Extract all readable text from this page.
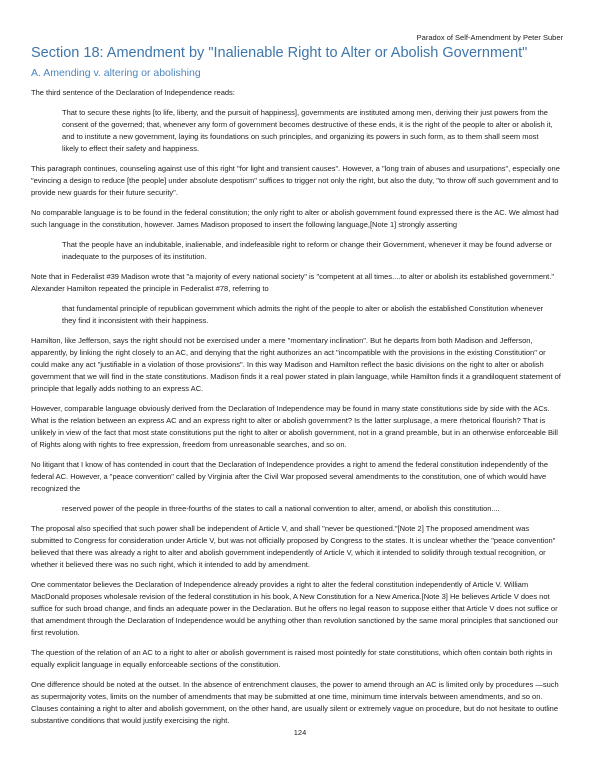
Paradox of Self-Amendment by Peter Suber
Section 18: Amendment by "Inalienable Right to Alter or Abolish Government"
A. Amending v. altering or abolishing

The third sentence of the Declaration of Independence reads:

That to secure these rights [to life, liberty, and the pursuit of happiness], governments are instituted among men, deriving their just powers from the consent of the governed; that, whenever any form of government becomes destructive of these ends, it is the right of the people to alter or abolish it, and to institute a new government, laying its foundations on such principles, and organizing its powers in such form, as to them shall seem most likely to effect their safety and happiness.

This paragraph continues, counseling against use of this right "for light and transient causes". However, a "long train of abuses and usurpations", especially one "evincing a design to reduce [the people] under absolute despotism" suffices to trigger not only the right, but also the duty, "to throw off such government and to provide new guards for their future security".

No comparable language is to be found in the federal constitution; the only right to alter or abolish government found expressed there is the AC. We almost had such language in the constitution, however. James Madison proposed to insert the following language,[Note 1] strongly asserting

That the people have an indubitable, inalienable, and indefeasible right to reform or change their Government, whenever it may be found adverse or inadequate to the purposes of its institution.

Note that in Federalist #39 Madison wrote that "a majority of every national society" is "competent at all times....to alter or abolish its established government." Alexander Hamilton repeated the principle in Federalist #78, referring to

that fundamental principle of republican government which admits the right of the people to alter or abolish the established Constitution whenever they find it inconsistent with their happiness.

Hamilton, like Jefferson, says the right should not be exercised under a mere "momentary inclination". But he departs from both Madison and Jefferson, apparently, by linking the right closely to an AC, and denying that the right authorizes an act "incompatible with the provisions in the existing Constitution" or could make any act "justifiable in a violation of those provisions". In this way Madison and Hamilton reflect the basic divisions on the right to alter or abolish government that we will find in the state constitutions. Madison finds it a real power stated in plain language, while Hamilton finds it a grandiloquent statement of principle that legally adds nothing to an express AC.

However, comparable language obviously derived from the Declaration of Independence may be found in many state constitutions side by side with the ACs. What is the relation between an express AC and an express right to alter or abolish government? Is the latter surplusage, a mere rhetorical flourish? That is unlikely in view of the fact that most state constitutions put the right to alter or abolish government, not in a grand preamble, but in an otherwise enforceable Bill of Rights along with rights to free expression, freedom from unreasonable searches, and so on.

No litigant that I know of has contended in court that the Declaration of Independence provides a right to amend the federal constitution independently of the federal AC. However, a "peace convention" called by Virginia after the Civil War proposed several amendments to the constitution, one of which would have recognized the

reserved power of the people in three-fourths of the states to call a national convention to alter, amend, or abolish this constitution....

The proposal also specified that such power shall be independent of Article V, and shall "never be questioned."[Note 2] The proposed amendment was submitted to Congress for consideration under Article V, but was not officially proposed by Congress to the states. It is unclear whether the "peace convention" believed that there was already a right to alter and abolish government independently of Article V, which it intended to solidify through textual recognition, or whether it believed there was no such right, which it intended to add by amendment.

One commentator believes the Declaration of Independence already provides a right to alter the federal constitution independently of Article V. William MacDonald proposes wholesale revision of the federal constitution in his book, A New Constitution for a New America.[Note 3] He believes Article V does not suffice for such broad change, and finds an adequate power in the Declaration. But he offers no legal reason to suppose either that Article V does not suffice or that amendment through the Declaration of Independence would be anything other than revolution sanctioned by the same moral principles that sanctioned our first revolution.

The question of the relation of an AC to a right to alter or abolish government is raised most pointedly for state constitutions, which often contain both rights in equally explicit language in equally enforceable sections of the constitution.

One difference should be noted at the outset. In the absence of entrenchment clauses, the power to amend through an AC is limited only by procedures —such as supermajority votes, limits on the number of amendments that may be submitted at one time, minimum time intervals between amendments, and so on. Clauses containing a right to alter and abolish government, on the other hand, are usually silent or extremely vague on procedure, but do not hesitate to outline substantive conditions that would justify exercising the right.

124
